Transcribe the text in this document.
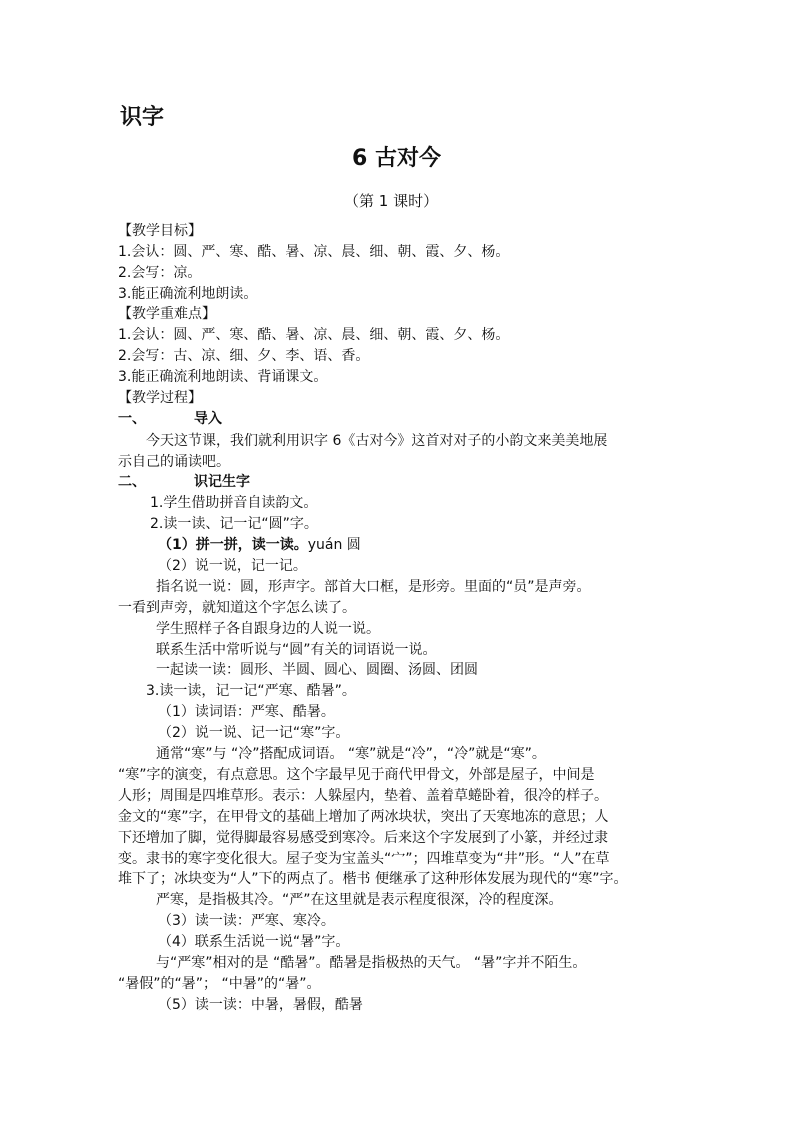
识字
6 古对今
（第 1 课时）
【教学目标】
1.会认：圆、严、寒、酷、暑、凉、晨、细、朝、霞、夕、杨。
2.会写：凉。
3.能正确流利地朗读。
【教学重难点】
1.会认：圆、严、寒、酷、暑、凉、晨、细、朝、霞、夕、杨。
2.会写：古、凉、细、夕、李、语、香。
3.能正确流利地朗读、背诵课文。
【教学过程】
一、	导入
今天这节课，我们就利用识字 6《古对今》这首对对子的小韵文来美美地展
示自己的诵读吧。
二、	识记生字
1.学生借助拼音自读韵文。
2.读一读、记一记“圆”字。
（1）拼一拼，读一读。yuán 圆
（2）说一说，记一记。
指名说一说：圆，形声字。部首大口框，是形旁。里面的“员”是声旁。
一看到声旁，就知道这个字怎么读了。
学生照样子各自跟身边的人说一说。
联系生活中常听说与“圆”有关的词语说一说。
一起读一读：圆形、半圆、圆心、圆圈、汤圆、团圆
3.读一读，记一记“严寒、酷暑”。
（1）读词语：严寒、酷暑。
（2）说一说、记一记“寒”字。
通常“寒”与 “冷”搭配成词语。 “寒”就是“冷”，“冷”就是“寒”。
“寒”字的演变，有点意思。这个字最早见于商代甲骨文，外部是屋子，中间是
人形；周围是四堆草形。表示：人躲屋内，垫着、盖着草蜷卧着，很冷的样子。
金文的“寒”字，在甲骨文的基础上增加了两冰块状，突出了天寒地冻的意思；人
下还增加了脚，觉得脚最容易感受到寒冷。后来这个字发展到了小篆，并经过隶
变。隶书的寒字变化很大。屋子变为宝盖头“宀”；四堆草变为“井”形。“人”在草
堆下了；冰块变为“人”下的两点了。楷书 便继承了这种形体发展为现代的“寒”字。
严寒，是指极其冷。“严”在这里就是表示程度很深，冷的程度深。
（3）读一读：严寒、寒冷。
（4）联系生活说一说“暑”字。
与“严寒”相对的是 “酷暑”。酷暑是指极热的天气。 “暑”字并不陌生。
“暑假”的“暑”； “中暑”的“暑”。
（5）读一读：中暑，暑假，酷暑
